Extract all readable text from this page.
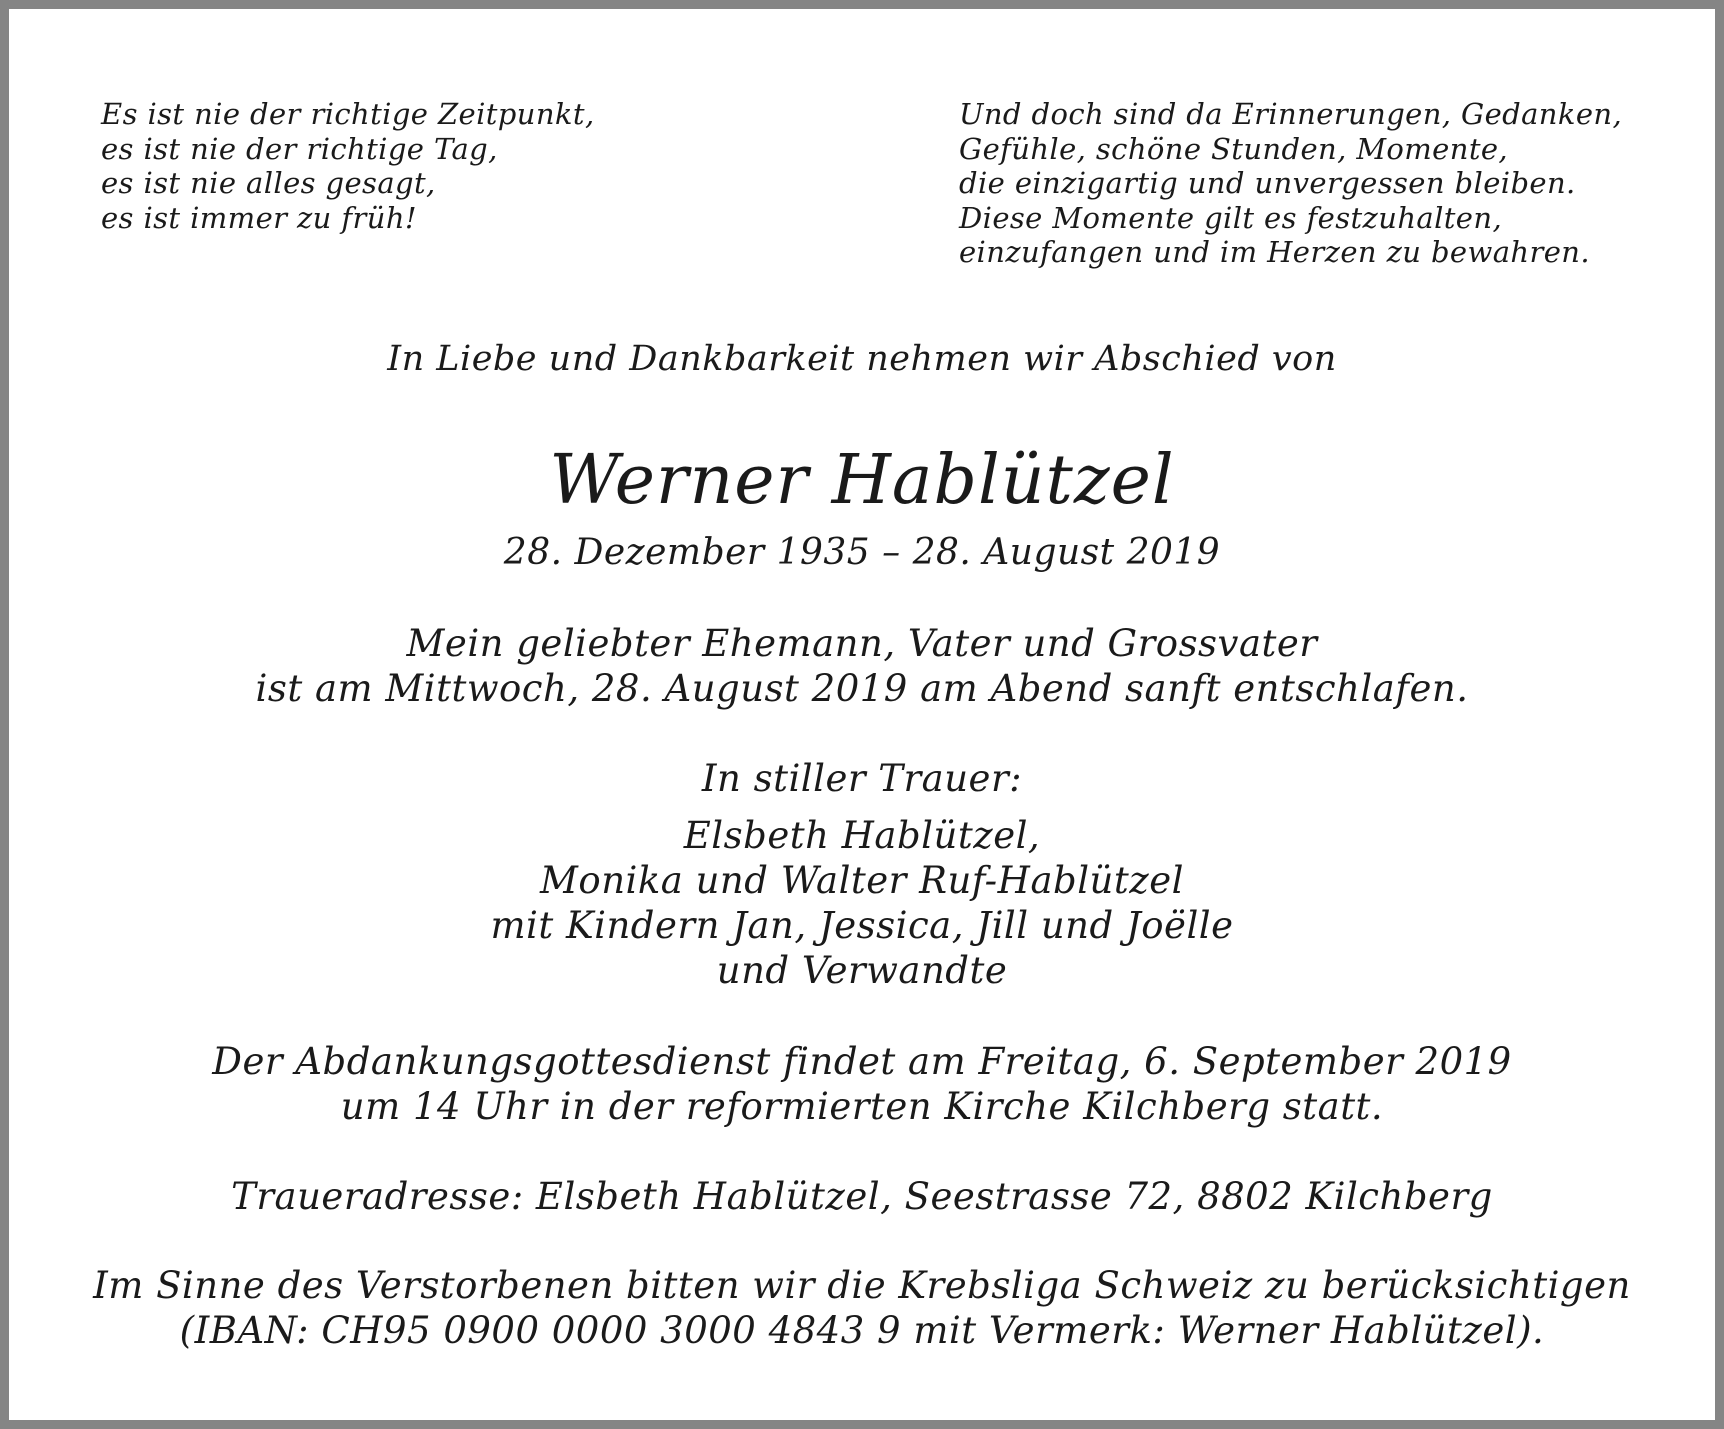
Es ist nie der richtige Zeitpunkt,
es ist nie der richtige Tag,
es ist nie alles gesagt,
es ist immer zu früh!
Und doch sind da Erinnerungen, Gedanken,
Gefühle, schöne Stunden, Momente,
die einzigartig und unvergessen bleiben.
Diese Momente gilt es festzuhalten,
einzufangen und im Herzen zu bewahren.
In Liebe und Dankbarkeit nehmen wir Abschied von
Werner Hablützel
28. Dezember 1935 – 28. August 2019
Mein geliebter Ehemann, Vater und Grossvater
ist am Mittwoch, 28. August 2019 am Abend sanft entschlafen.
In stiller Trauer:
Elsbeth Hablützel,
Monika und Walter Ruf-Hablützel
mit Kindern Jan, Jessica, Jill und Joëlle
und Verwandte
Der Abdankungsgottesdienst findet am Freitag, 6. September 2019
um 14 Uhr in der reformierten Kirche Kilchberg statt.
Traueradresse: Elsbeth Hablützel, Seestrasse 72, 8802 Kilchberg
Im Sinne des Verstorbenen bitten wir die Krebsliga Schweiz zu berücksichtigen
(IBAN: CH95 0900 0000 3000 4843 9 mit Vermerk: Werner Hablützel).
